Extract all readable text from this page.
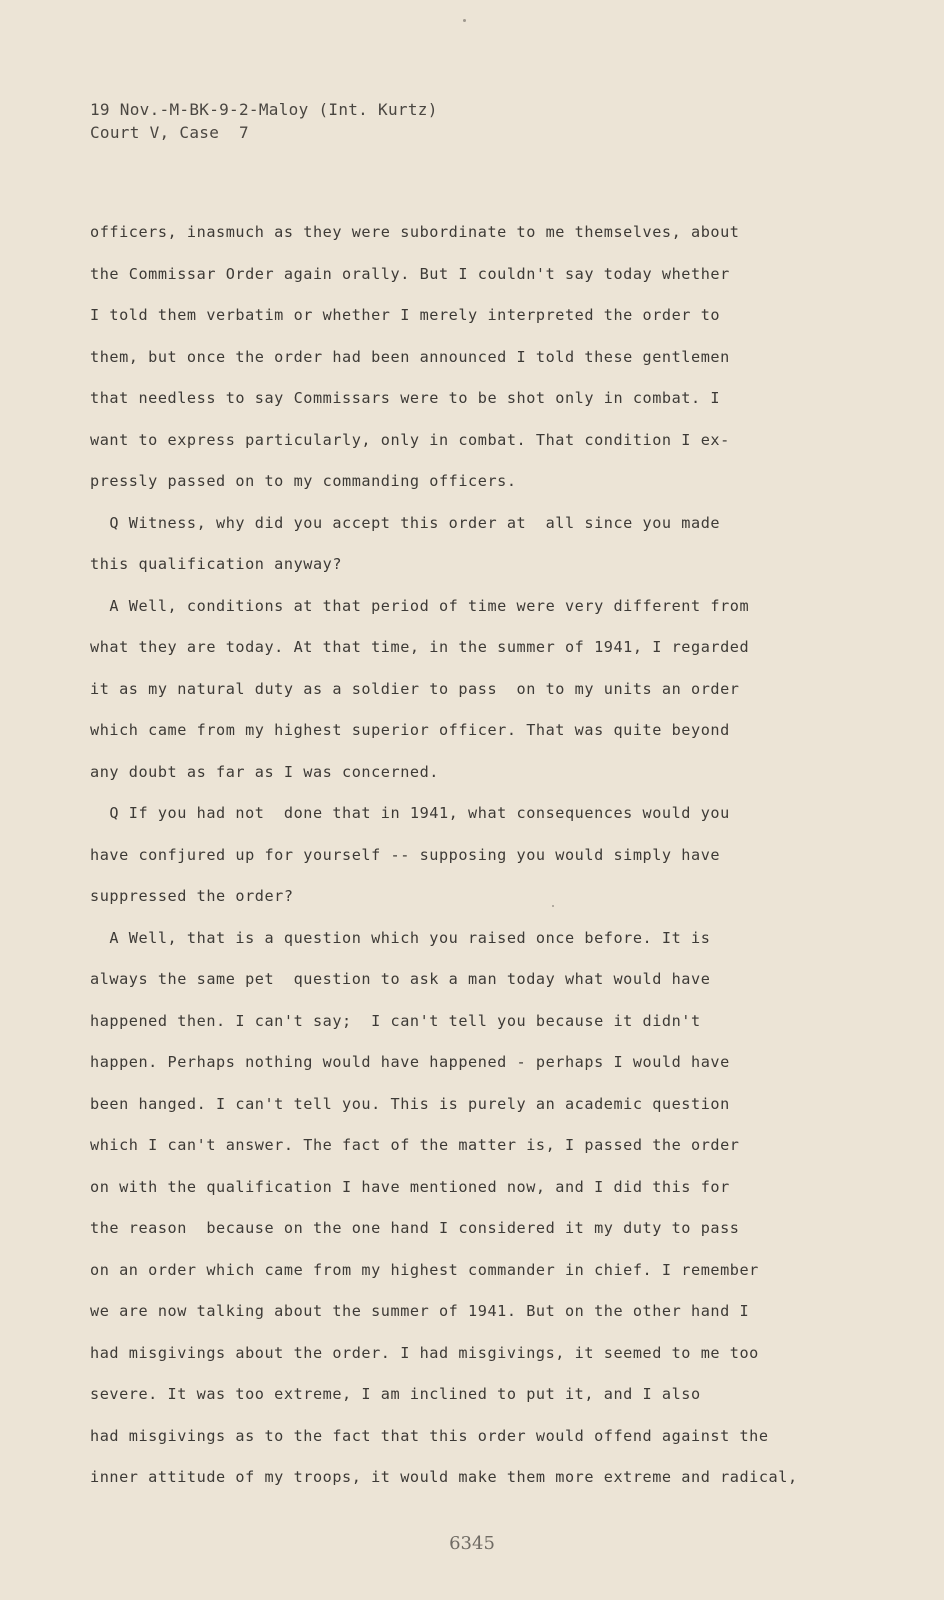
19 Nov.-M-BK-9-2-Maloy (Int. Kurtz)
Court V, Case  7
officers, inasmuch as they were subordinate to me themselves, about
the Commissar Order again orally. But I couldn't say today whether
I told them verbatim or whether I merely interpreted the order to
them, but once the order had been announced I told these gentlemen
that needless to say Commissars were to be shot only in combat. I
want to express particularly, only in combat. That condition I ex-
pressly passed on to my commanding officers.
Q Witness, why did you accept this order at  all since you made
this qualification anyway?
A Well, conditions at that period of time were very different from
what they are today. At that time, in the summer of 1941, I regarded
it as my natural duty as a soldier to pass  on to my units an order
which came from my highest superior officer. That was quite beyond
any doubt as far as I was concerned.
Q If you had not  done that in 1941, what consequences would you
have confjured up for yourself -- supposing you would simply have
suppressed the order?
A Well, that is a question which you raised once before. It is
always the same pet  question to ask a man today what would have
happened then. I can't say;  I can't tell you because it didn't
happen. Perhaps nothing would have happened - perhaps I would have
been hanged. I can't tell you. This is purely an academic question
which I can't answer. The fact of the matter is, I passed the order
on with the qualification I have mentioned now, and I did this for
the reason  because on the one hand I considered it my duty to pass
on an order which came from my highest commander in chief. I remember
we are now talking about the summer of 1941. But on the other hand I
had misgivings about the order. I had misgivings, it seemed to me too
severe. It was too extreme, I am inclined to put it, and I also
had misgivings as to the fact that this order would offend against the
inner attitude of my troops, it would make them more extreme and radical,
6345
